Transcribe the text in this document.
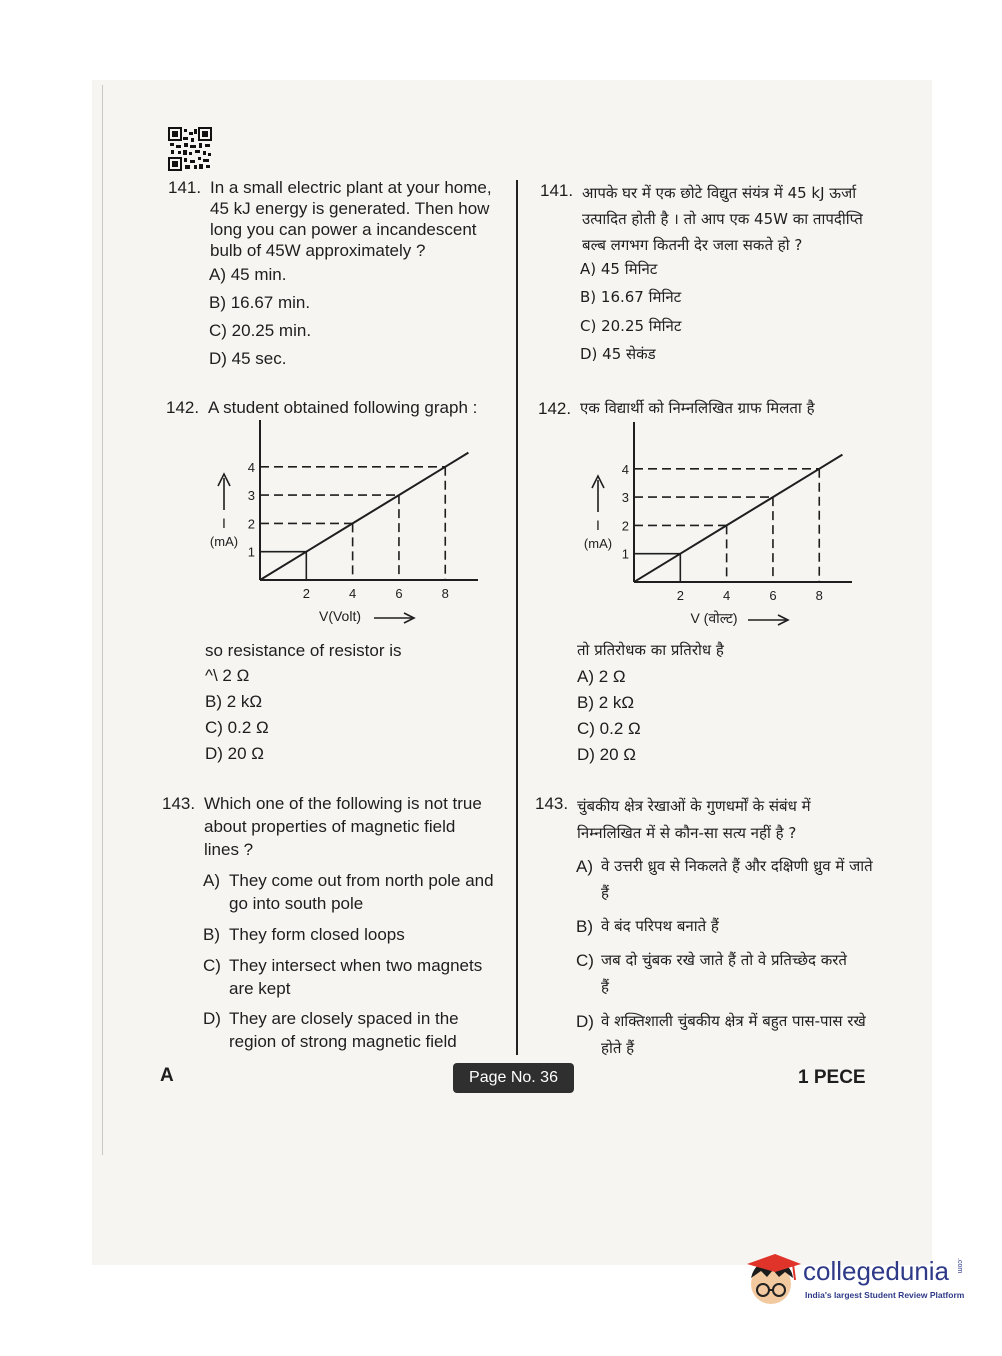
141. In a small electric plant at your home, 45 kJ energy is generated. Then how long you can power a incandescent bulb of 45W approximately ?
A) 45 min.
B) 16.67 min.
C) 20.25 min.
D) 45 sec.
141. आपके घर में एक छोटे विद्युत संयंत्र में 45 kJ ऊर्जा उत्पादित होती है । तो आप एक 45W का तापदीप्ति बल्ब लगभग कितनी देर जला सकते हो ?
A) 45 मिनिट
B) 16.67 मिनिट
C) 20.25 मिनिट
D) 45 सेकंड
142. A student obtained following graph :
2	4	6	8
1
2
3
4
I
(mA)
V(Volt)
so resistance of resistor is
^\ 2 Ω
B) 2 kΩ
C) 0.2 Ω
D) 20 Ω
142. एक विद्यार्थी को निम्नलिखित ग्राफ मिलता है
2	4	6	8
1
2
3
4
I
(mA)
V (वोल्ट)
तो प्रतिरोधक का प्रतिरोध है
A) 2 Ω
B) 2 kΩ
C) 0.2 Ω
D) 20 Ω
143. Which one of the following is not true about properties of magnetic field lines ?
A) They come out from north pole and go into south pole
B) They form closed loops
C) They intersect when two magnets are kept
D) They are closely spaced in the region of strong magnetic field
143. चुंबकीय क्षेत्र रेखाओं के गुणधर्मों के संबंध में निम्नलिखित में से कौन-सा सत्य नहीं है ?
A) वे उत्तरी ध्रुव से निकलते हैं और दक्षिणी ध्रुव में जाते हैं
B) वे बंद परिपथ बनाते हैं
C) जब दो चुंबक रखे जाते हैं तो वे प्रतिच्छेद करते हैं
D) वे शक्तिशाली चुंबकीय क्षेत्र में बहुत पास-पास रखे होते हैं
A	Page No. 36	1 PECE
collegedunia .com
India's largest Student Review Platform
